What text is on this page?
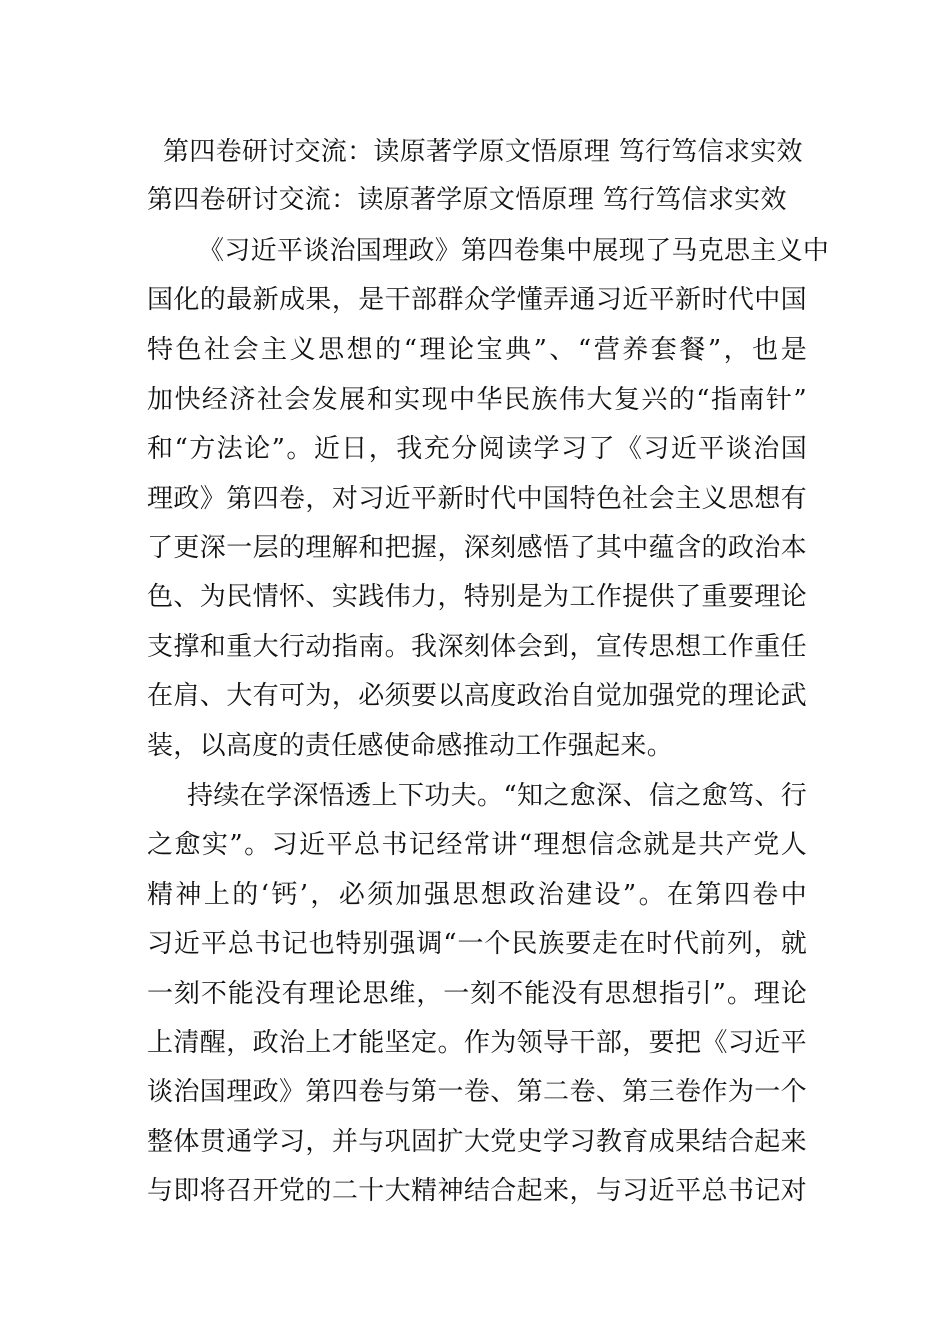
第四卷研讨交流：读原著学原文悟原理 笃行笃信求实效
第四卷研讨交流：读原著学原文悟原理 笃行笃信求实效
《习近平谈治国理政》第四卷集中展现了马克思主义中
国化的最新成果，是干部群众学懂弄通习近平新时代中国
特色社会主义思想的“理论宝典”、“营养套餐”，也是
加快经济社会发展和实现中华民族伟大复兴的“指南针”
和“方法论”。近日，我充分阅读学习了《习近平谈治国
理政》第四卷，对习近平新时代中国特色社会主义思想有
了更深一层的理解和把握，深刻感悟了其中蕴含的政治本
色、为民情怀、实践伟力，特别是为工作提供了重要理论
支撑和重大行动指南。我深刻体会到，宣传思想工作重任
在肩、大有可为，必须要以高度政治自觉加强党的理论武
装，以高度的责任感使命感推动工作强起来。
持续在学深悟透上下功夫。“知之愈深、信之愈笃、行
之愈实”。习近平总书记经常讲“理想信念就是共产党人
精神上的‘钙’，必须加强思想政治建设”。在第四卷中
习近平总书记也特别强调“一个民族要走在时代前列，就
一刻不能没有理论思维，一刻不能没有思想指引”。理论
上清醒，政治上才能坚定。作为领导干部，要把《习近平
谈治国理政》第四卷与第一卷、第二卷、第三卷作为一个
整体贯通学习，并与巩固扩大党史学习教育成果结合起来
与即将召开党的二十大精神结合起来，与习近平总书记对
